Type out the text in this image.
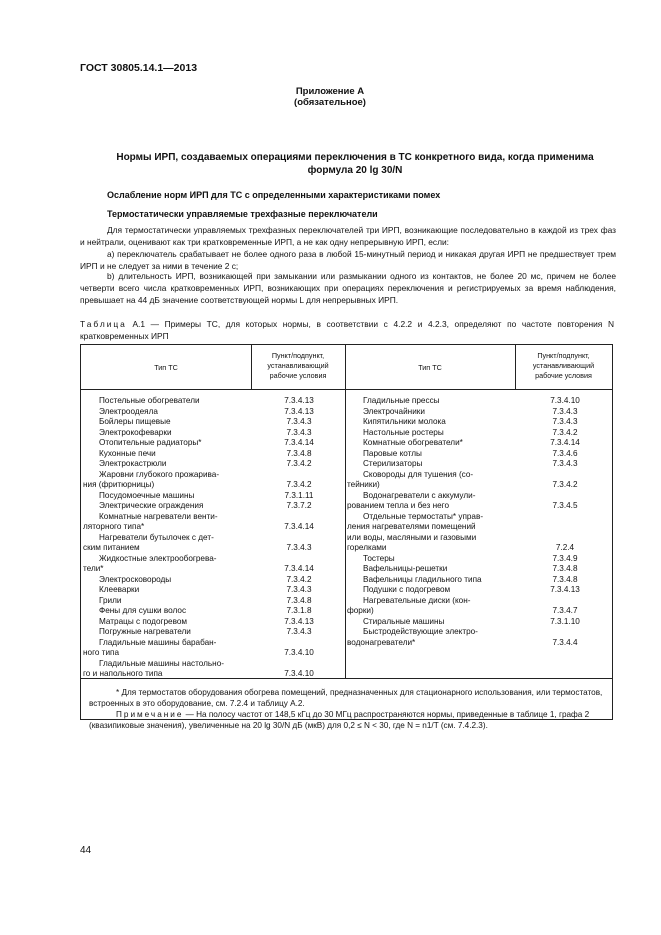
ГОСТ 30805.14.1—2013
Приложение А
(обязательное)
Нормы ИРП, создаваемых операциями переключения в ТС конкретного вида, когда применима
формула 20 lg 30/N
Ослабление норм ИРП для ТС с определенными характеристиками помех
Термостатически управляемые трехфазные переключатели
Для термостатически управляемых трехфазных переключателей три ИРП, возникающие последовательно в каждой из трех фаз и нейтрали, оценивают как три кратковременные ИРП, а не как одну непрерывную ИРП, если:
а) переключатель срабатывает не более одного раза в любой 15-минутный период и никакая другая ИРП не предшествует трем ИРП и не следует за ними в течение 2 с;
b) длительность ИРП, возникающей при замыкании или размыкании одного из контактов, не более 20 мс, причем не более четверти всего числа кратковременных ИРП, возникающих при операциях переключения и регистрируемых за время наблюдения, превышает на 44 дБ значение соответствующей нормы L для непрерывных ИРП.
Таблица А.1 — Примеры ТС, для которых нормы, в соответствии с 4.2.2 и 4.2.3, определяют по частоте повторения N кратковременных ИРП
Тип ТС
Пункт/подпункт,
устанавливающий
рабочие условия
Тип ТС
Пункт/подпункт,
устанавливающий
рабочие условия
Постельные обогреватели	7.3.4.13
Электроодеяла	7.3.4.13
Бойлеры пищевые	7.3.4.3
Электрокофеварки	7.3.4.3
Отопительные радиаторы*	7.3.4.14
Кухонные печи	7.3.4.8
Электрокастрюли	7.3.4.2
Жаровни глубокого прожарива-
ния (фритюрницы)	7.3.4.2
Посудомоечные машины	7.3.1.11
Электрические ограждения	7.3.7.2
Комнатные нагреватели венти-
ляторного типа*	7.3.4.14
Нагреватели бутылочек с дет-
ским питанием	7.3.4.3
Жидкостные электрообогрева-
тели*	7.3.4.14
Электросковороды	7.3.4.2
Клееварки	7.3.4.3
Грили	7.3.4.8
Фены для сушки волос	7.3.1.8
Матрацы с подогревом	7.3.4.13
Погружные нагреватели	7.3.4.3
Гладильные машины барабан-
ного типа	7.3.4.10
Гладильные машины настольно-
го и напольного типа	7.3.4.10
Гладильные прессы	7.3.4.10
Электрочайники	7.3.4.3
Кипятильники молока	7.3.4.3
Настольные ростеры	7.3.4.2
Комнатные обогреватели*	7.3.4.14
Паровые котлы	7.3.4.6
Стерилизаторы	7.3.4.3
Сковороды для тушения (со-
тейники)	7.3.4.2
Водонагреватели с аккумули-
рованием тепла и без него	7.3.4.5
Отдельные термостаты* управ-
ления нагревателями помещений
или воды, масляными и газовыми
горелками	7.2.4
Тостеры	7.3.4.9
Вафельницы-решетки	7.3.4.8
Вафельницы гладильного типа	7.3.4.8
Подушки с подогревом	7.3.4.13
Нагревательные диски (кон-
форки)	7.3.4.7
Стиральные машины	7.3.1.10
Быстродействующие электро-
водонагреватели*	7.3.4.4
* Для термостатов оборудования обогрева помещений, предназначенных для стационарного использования, или термостатов, встроенных в это оборудование, см. 7.2.4 и таблицу А.2.
Примечание — На полосу частот от 148,5 кГц до 30 МГц распространяются нормы, приведенные в таблице 1, графа 2 (квазипиковые значения), увеличенные на 20 lg 30/N дБ (мкВ) для 0,2 ≤ N < 30, где N = n1/T (см. 7.4.2.3).
44
